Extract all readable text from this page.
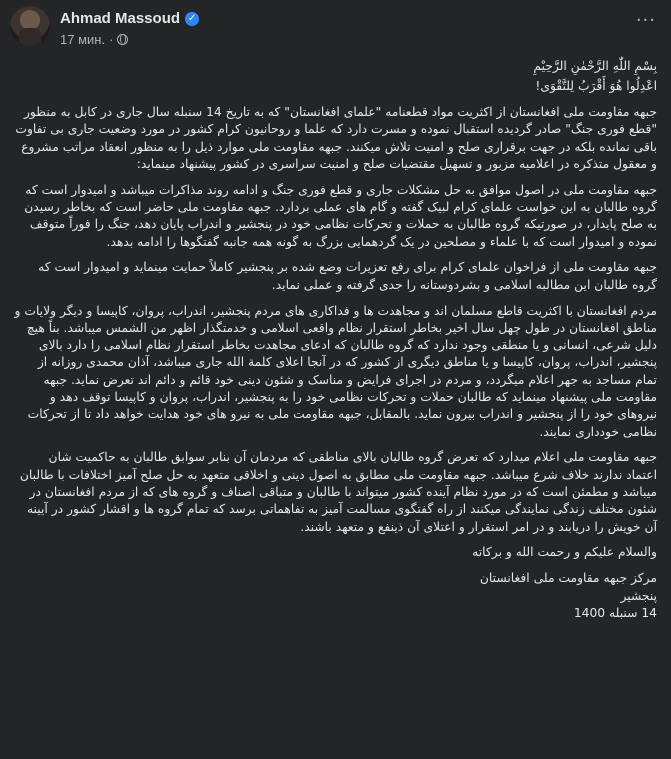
Ahmad Massoud ✓
17 мин. ·
···

بِسْمِ اللّٰهِ الرَّحْمٰنِ الرَّحِيْمِ

اعْدِلُوا هُوَ أَقْرَبُ لِلتَّقْوَى!

جبهه مقاومت ملی افغانستان از اکثریت مواد قطعنامه "علمای افغانستان" که به تاریخ 14 سنبله سال جاری در کابل به منظور "قطع فوری جنگ" صادر گردیده استقبال نموده و مسرت دارد که علما و روحانیون کرام کشور در مورد وضعیت جاری بی تفاوت باقی نمانده بلکه در جهت برقراری صلح و امنیت تلاش میکنند. جبهه مقاومت ملی موارد ذیل را به منظور انعقاد مراتب مشروع و معقول متذکره در اعلامیه مزبور و تسهیل مقتضیات صلح و امنیت سراسری در کشور پیشنهاد مینماید:

جبهه مقاومت ملی در اصول موافق به حل مشکلات جاری و قطع فوری جنگ و ادامه روند مذاکرات میباشد و امیدوار است که گروه طالبان به این خواست علمای کرام لبیک گفته و گام های عملی بردارد. جبهه مقاومت ملی حاضر است که بخاطر رسیدن به صلح پایدار، در صورتیکه گروه طالبان به حملات و تحرکات نظامی خود در پنجشیر و اندراب پایان دهد، جنگ را فوراً متوقف نموده و امیدوار است که با علماء و مصلحین در یک گردهمایی بزرگ به گونه همه جانبه گفتگوها را ادامه بدهد.

جبهه مقاومت ملی از فراخوان علمای کرام برای رفع تعزیرات وضع شده بر پنجشیر کاملاً حمایت مینماید و امیدوار است که گروه طالبان این مطالبه اسلامی و بشردوستانه را جدی گرفته و عملی نماید.

مردم افغانستان با اکثریت قاطع مسلمان اند و مجاهدت ها و فداکاری های مردم پنجشیر، اندراب، پروان، کاپیسا و دیگر ولایات و مناطق افغانستان در طول چهل سال اخیر بخاطر استقرار نظام واقعی اسلامی و خدمتگذار اظهر من الشمس میباشد. بناً هیچ دلیل شرعی، انسانی و یا منطقی وجود ندارد که گروه طالبان که ادعای مجاهدت بخاطر استقرار نظام اسلامی را دارد بالای پنجشیر، اندراب، پروان، کاپیسا و یا مناطق دیگری از کشور که در آنجا اعلای کلمة الله جاری میباشد، آذان محمدی روزانه از تمام مساجد به جهر اعلام میگردد، و مردم در اجرای فرایض و مناسک و شئون دینی خود قائم و دائم اند تعرض نماید. جبهه مقاومت ملی پیشنهاد مینماید که طالبان حملات و تحرکات نظامی خود را به پنجشیر، اندراب، پروان و کاپیسا توقف دهد و نیروهای خود را از پنجشیر و اندراب بیرون نماید. بالمقابل، جبهه مقاومت ملی به نیرو های خود هدایت خواهد داد تا از تحرکات نظامی خودداری نمایند.

جبهه مقاومت ملی اعلام میدارد که تعرض گروه طالبان بالای مناطقی که مردمان آن بنابر سوابق طالبان به حاکمیت شان اعتماد ندارند خلاف شرع میباشد. جبهه مقاومت ملی مطابق به اصول دینی و اخلاقی متعهد به حل صلح آمیز اختلافات با طالبان میباشد و مطمئن است که در مورد نظام آینده کشور میتواند با طالبان و متباقی اصناف و گروه های که از مردم افغانستان در شئون مختلف زندگی نمایندگی میکنند از راه گفتگوی مسالمت آمیز به تفاهماتی برسد که تمام گروه ها و اقشار کشور در آیینه آن خویش را دریابند و در امر استقرار و اعتلای آن ذینفع و متعهد باشند.

والسلام علیکم و رحمت الله و برکاته

مرکز جبهه مقاومت ملی افغانستان
پنجشیر
14 سنبله 1400
